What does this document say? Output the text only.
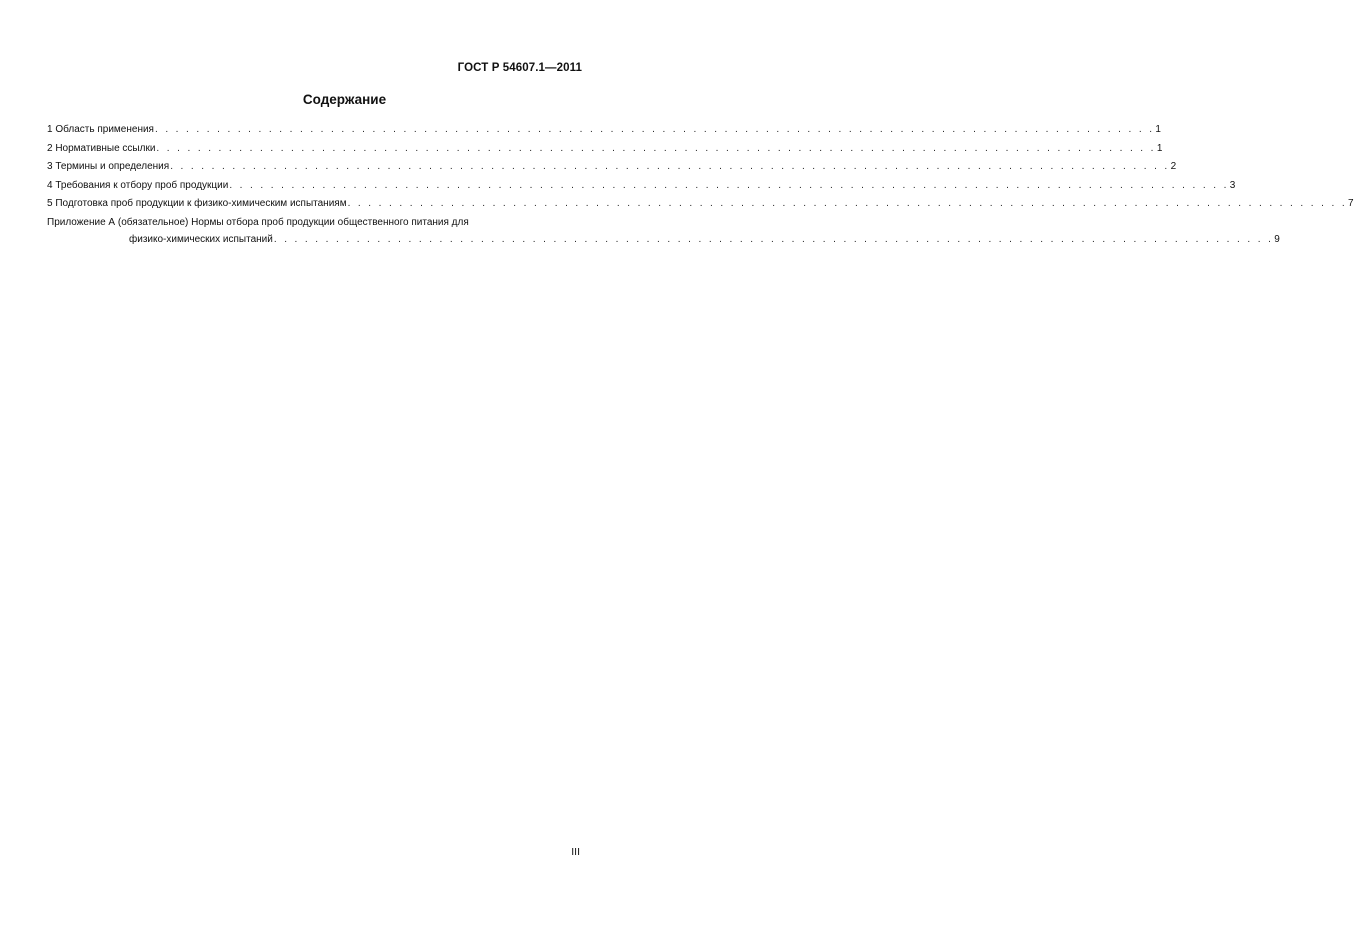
ГОСТ Р 54607.1—2011
Содержание
1 Область применения . . . . . . . . . . . . . . . . . . . . . . . . . . . . . . . . . . . . . . . . . . . . . . . . . . . . . . . . . . . . . . . . . . . . . . . . . . . . . . . . . . . . . . . . . . . . . . . . . 1
2 Нормативные ссылки . . . . . . . . . . . . . . . . . . . . . . . . . . . . . . . . . . . . . . . . . . . . . . . . . . . . . . . . . . . . . . . . . . . . . . . . . . . . . . . . . . . . . . . . . . . . . . . . . 1
3 Термины и определения . . . . . . . . . . . . . . . . . . . . . . . . . . . . . . . . . . . . . . . . . . . . . . . . . . . . . . . . . . . . . . . . . . . . . . . . . . . . . . . . . . . . . . . . . . . . . . . . . 2
4 Требования к отбору проб продукции . . . . . . . . . . . . . . . . . . . . . . . . . . . . . . . . . . . . . . . . . . . . . . . . . . . . . . . . . . . . . . . . . . . . . . . . . . . . . . . . . . . . . . . . . . . . . . . . . 3
5 Подготовка проб продукции к физико-химическим испытаниям . . . . . . . . . . . . . . . . . . . . . . . . . . . . . . . . . . . . . . . . . . . . . . . . . . . . . . . . . . . . . . . . . . . . . . . . . . . . . . . . . . . . . . . . . . . . . . . . . 7
Приложение А (обязательное) Нормы отбора проб продукции общественного питания для
физико-химических испытаний . . . . . . . . . . . . . . . . . . . . . . . . . . . . . . . . . . . . . . . . . . . . . . . . . . . . . . . . . . . . . . . . . . . . . . . . . . . . . . . . . . . . . . . . . . . . . . . . . 9
III
